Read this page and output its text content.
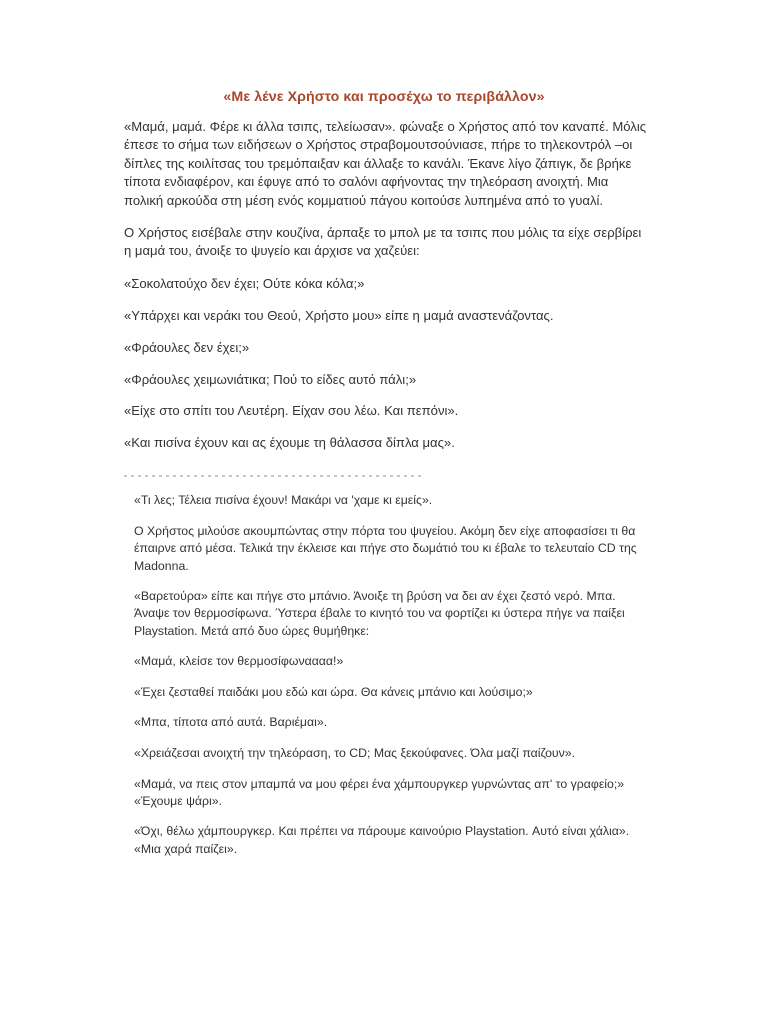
«Με λένε Χρήστο και προσέχω το περιβάλλον»

«Μαμά, μαμά. Φέρε κι άλλα τσιπς, τελείωσαν». φώναξε ο Χρήστος από τον καναπέ. Μόλις έπεσε το σήμα των ειδήσεων ο Χρήστος στραβομουτσούνιασε, πήρε το τηλεκοντρόλ –οι δίπλες της κοιλίτσας του τρεμόπαιξαν και άλλαξε το κανάλι. Έκανε λίγο ζάπιγκ, δε βρήκε τίποτα ενδιαφέρον, και έφυγε από το σαλόνι αφήνοντας την τηλεόραση ανοιχτή. Μια πολική αρκούδα στη μέση ενός κομματιού πάγου κοιτούσε λυπημένα από το γυαλί.

Ο Χρήστος εισέβαλε στην κουζίνα, άρπαξε το μπολ με τα τσιπς που μόλις τα είχε σερβίρει η μαμά του, άνοιξε το ψυγείο και άρχισε να χαζεύει:

«Σοκολατούχο δεν έχει; Ούτε κόκα κόλα;»

«Υπάρχει και νεράκι του Θεού, Χρήστο μου» είπε η μαμά αναστενάζοντας.

«Φράουλες δεν έχει;»

«Φράουλες χειμωνιάτικα; Πού το είδες αυτό πάλι;»

«Είχε στο σπίτι του Λευτέρη. Είχαν σου λέω. Και πεπόνι».

«Και πισίνα έχουν και ας έχουμε τη θάλασσα δίπλα μας».

«Τι λες; Τέλεια πισίνα έχουν! Μακάρι να 'χαμε κι εμείς».

Ο Χρήστος μιλούσε ακουμπώντας στην πόρτα του ψυγείου. Ακόμη δεν είχε αποφασίσει τι θα έπαιρνε από μέσα. Τελικά την έκλεισε και πήγε στο δωμάτιό του κι έβαλε το τελευταίο CD της Madonna.

«Βαρετούρα» είπε και πήγε στο μπάνιο. Άνοιξε τη βρύση να δει αν έχει ζεστό νερό. Μπα. Άναψε τον θερμοσίφωνα. Ύστερα έβαλε το κινητό του να φορτίζει κι ύστερα πήγε να παίξει Playstation. Μετά από δυο ώρες θυμήθηκε:

«Μαμά, κλείσε τον θερμοσίφωναααα!»

«Έχει ζεσταθεί παιδάκι μου εδώ και ώρα. Θα κάνεις μπάνιο και λούσιμο;»

«Μπα, τίποτα από αυτά. Βαριέμαι».

«Χρειάζεσαι ανοιχτή την τηλεόραση, το CD; Μας ξεκούφανες. Όλα μαζί παίζουν».

«Μαμά, να πεις στον μπαμπά να μου φέρει ένα χάμπουργκερ γυρνώντας απ' το γραφείο;» «Έχουμε ψάρι».

«Όχι, θέλω χάμπουργκερ. Και πρέπει να πάρουμε καινούριο Playstation. Αυτό είναι χάλια». «Μια χαρά παίζει».
